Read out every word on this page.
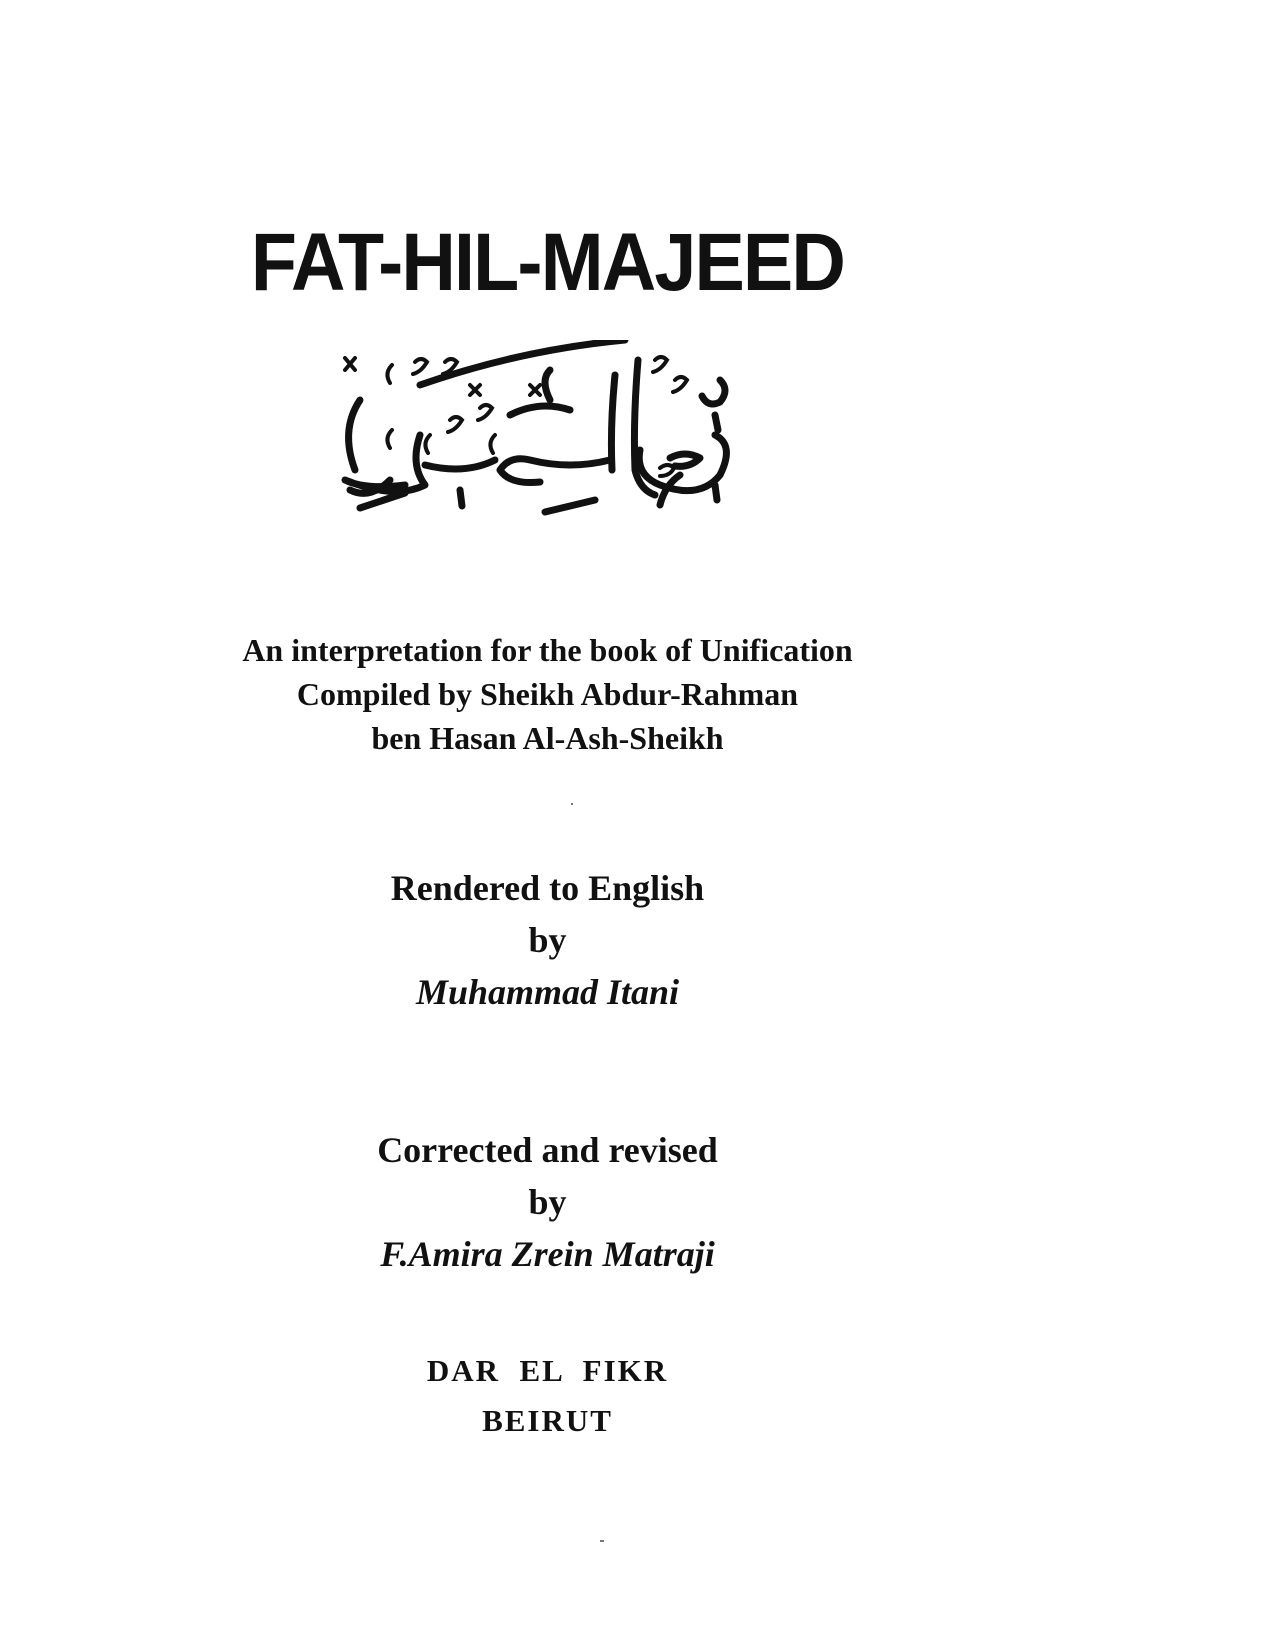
FAT-HIL-MAJEED
An interpretation for the book of Unification
Compiled by Sheikh Abdur-Rahman
ben Hasan Al-Ash-Sheikh
Rendered to English
by
Muhammad Itani
Corrected and revised
by
F.Amira Zrein Matraji
DAR  EL  FIKR
BEIRUT
